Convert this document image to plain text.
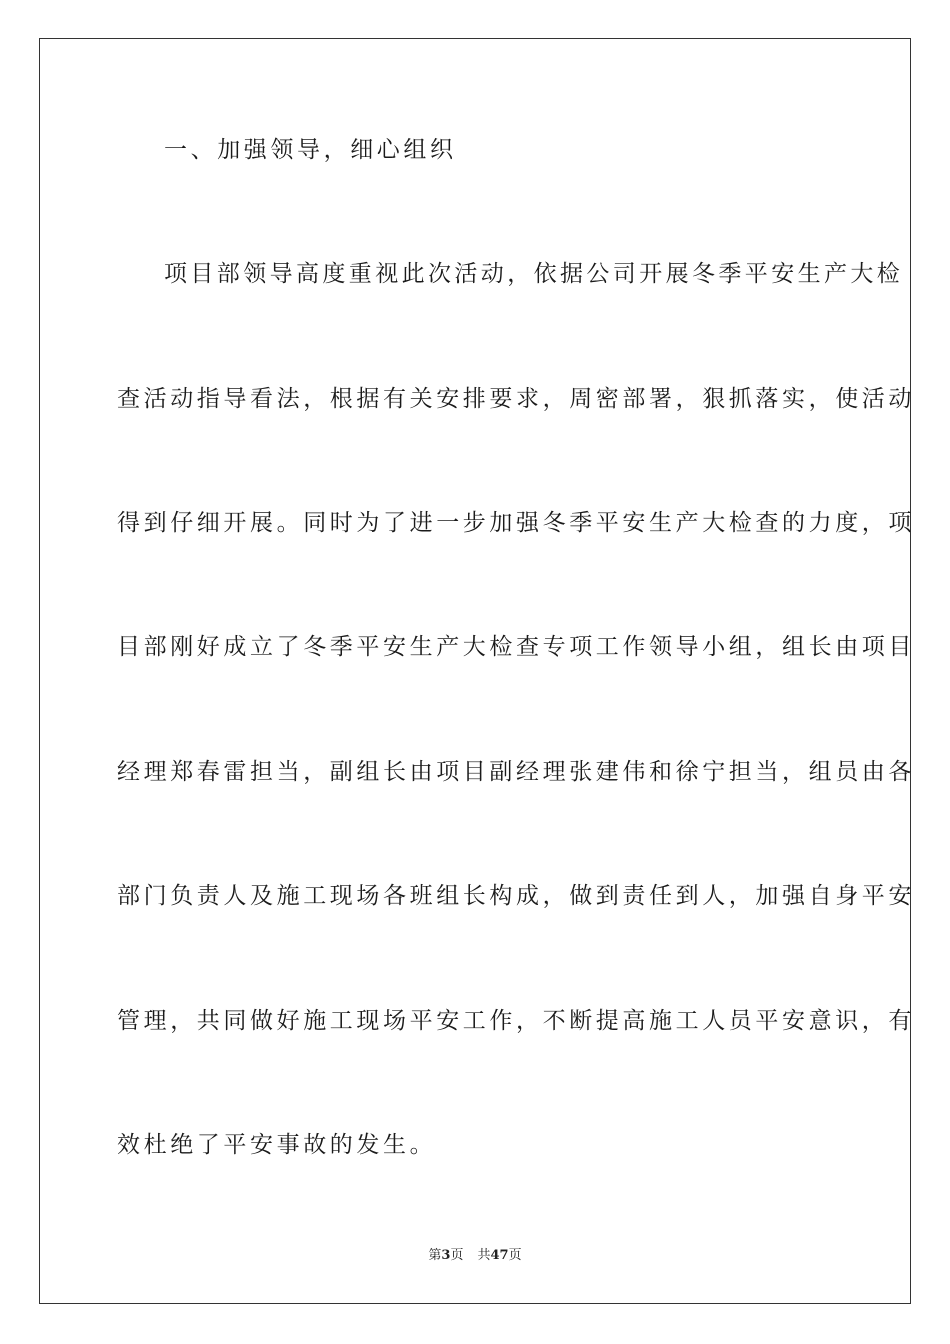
一、加强领导，细心组织
项目部领导高度重视此次活动，依据公司开展冬季平安生产大检
查活动指导看法，根据有关安排要求，周密部署，狠抓落实，使活动
得到仔细开展。同时为了进一步加强冬季平安生产大检查的力度，项
目部刚好成立了冬季平安生产大检查专项工作领导小组，组长由项目
经理郑春雷担当，副组长由项目副经理张建伟和徐宁担当，组员由各
部门负责人及施工现场各班组长构成，做到责任到人，加强自身平安
管理，共同做好施工现场平安工作，不断提高施工人员平安意识，有
效杜绝了平安事故的发生。
第3页 共47页
